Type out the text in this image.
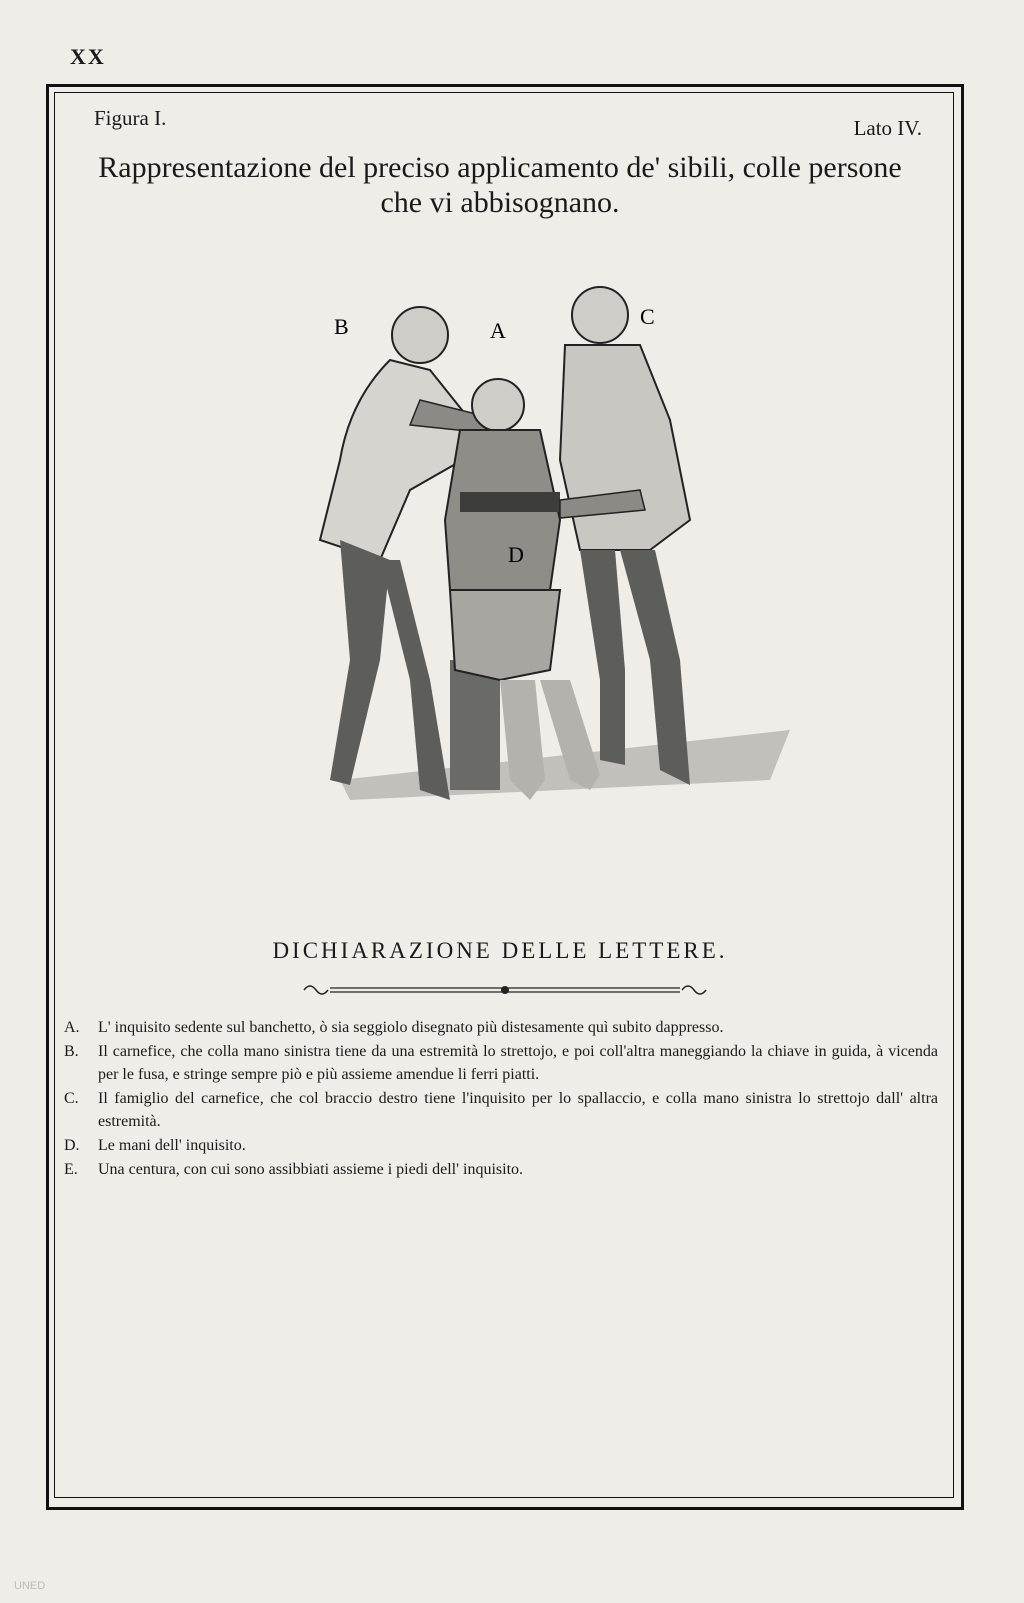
XX
Figura I.	Lato IV.
Rappresentazione del preciso applicamento de' sibili, colle persone che vi abbisognano.
B	A
C
D
DICHIARAZIONE DELLE LETTERE.
A.	L' inquisito sedente sul banchetto, ò sia seggiolo disegnato più distesamente quì subito dappresso.
B.	Il carnefice, che colla mano sinistra tiene da una estremità lo strettojo, e poi coll'altra maneggiando la chiave in guida, à vicenda per le fusa, e stringe sempre piò e più assieme amendue li ferri piatti.
C.	Il famiglio del carnefice, che col braccio destro tiene l'inquisito per lo spallaccio, e colla mano sinistra lo strettojo dall' altra estremità.
D.	Le mani dell' inquisito.
E.	Una centura, con cui sono assibbiati assieme i piedi dell' inquisito.
UNED
